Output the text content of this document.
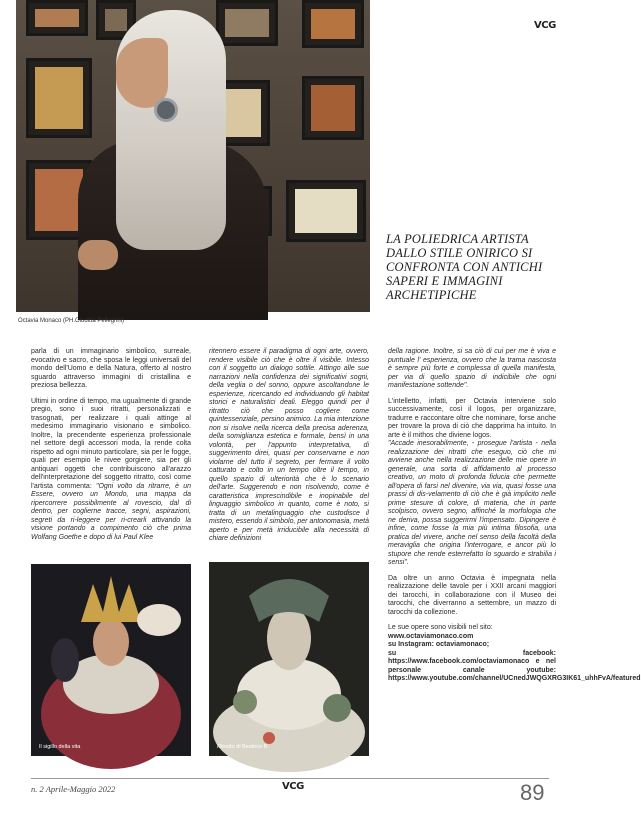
VCG
Octavia Monaco (PH.Giuditta Pellegrini)
LA POLIEDRICA ARTISTA DALLO STILE ONIRICO SI CONFRONTA CON ANTICHI SAPERI E IMMAGINI ARCHETIPICHE

parla di un immaginario simbolico, surreale, evocativo e sacro, che sposa le leggi universali del mondo dell'Uomo e della Natura, offerto al nostro sguardo attraverso immagini di cristallina e preziosa bellezza.

Ultimi in ordine di tempo, ma ugualmente di grande pregio, sono i suoi ritratti, personalizzati e trasognati, per realizzare i quali attinge al medesimo immaginario visionario e simbolico. Inoltre, la precendente esperienza professionale nel settore degli accessori moda, la rende colta rispetto ad ogni minuto particolare, sia per le fogge, quali per esempio le nivee gorgiere, sia per gli antiquari oggetti che contribuiscono all'arazzo dell'interpretazione del soggetto ritratto, così come l'artista commenta: "Ogni volto da ritrarre, è un Essere, ovvero un Mondo, una mappa da ripercorrere possibilmente al rovescio, dal di dentro, per coglierne tracce, segni, aspirazioni, segreti da ri-leggere per ri-crearli attivando la visione portando a compimento ciò che prima Wolfang Goethe e dopo di lui Paul Klee

ritennero essere il paradigma di ogni arte, ovvero, rendere visibile ciò che è oltre il visibile. Intesso con il soggetto un dialogo sottile. Attingo alle sue narrazioni nella confidenza dei significativi sogni, della veglia o del sonno, oppure ascoltandone le esperienze, ricercando ed individuando gli habitat storici e naturalistici deali. Eleggo quindi per il ritratto ciò che posso cogliere come quintessenziale, persino animico. La mia intenzione non si risolve nella ricerca della precisa aderenza, della somiglianza estetica e formale, bensì in una volontà, per l'appunto interpretativa, di suggerimento direi, quasi per conservarne e non violarne del tutto il segreto, per fermare il volto catturato e colto in un tempo oltre il tempo, in quello spazio di ulteriorità che è lo scenario dell'arte. Suggerendo e non risolvendo, come è caratteristica imprescindibile e inopinabile del linguaggio simbolico in quanto, come è noto, si tratta di un metalinguaggio che custodisce il mistero, essendo il simbolo, per antonomasia, metà aperto e per metà irriducibile alla necessità di chiare definizioni

della ragione. Inoltre, si sa ciò di cui per me è viva e puntuale l' esperienza, ovvero che la trama nascosta è sempre più forte e complessa di quella manifesta, per via di quello spazio di indicibile che ogni manifestazione sottende".

L'intelletto, infatti, per Octavia interviene solo successivamente, così il logos, per organizzare, tradurre e raccontare oltre che nominare, forse anche per trovare la prova di ciò che dapprima ha intuito. In arte è il mithos che diviene logos.
"Accade inesorabilmente, - prosegue l'artista - nella realizzazione dei ritratti che eseguo, ciò che mi avviene anche nella realizzazione delle mie opere in generale, una sorta di affidamento al processo creativo, un moto di profonda fiducia che permette all'opera di farsi nel divenire, via via, quasi fosse una prassi di dis-velamento di ciò che è già implicito nelle prime stesure di colore, di materia, che in parte scolpisco, ovvero segno, affinché la morfologia che ne deriva, possa suggerirmi l'impensato. Dipingere è infine, come fosse la mia più intima filosofia, una pratica del vivere, anche nel senso della facoltà della meraviglia che origina l'interrogare, e ancor più lo stupore che rende esterrefatto lo sguardo e strabilia i sensi".

Da oltre un anno Octavia è impegnata nella realizzazione delle tavole per i XXII arcani maggiori dei tarocchi, in collaborazione con il Museo dei tarocchi, che diverranno a settembre, un mazzo di tarocchi da collezione.

Le sue opere sono visibili nel sito:
www.octaviamonaco.com
su Instagram: octaviamonaco;
su facebook: https://www.facebook.com/octaviamonaco e nel personale canale youtube: https://www.youtube.com/channel/UCnedJWQGXRG3IK61_uhhFvA/featured

Il sigillo della vita	Ritratto di Beatrice B.
n. 2 Aprile-Maggio 2022	VCG	89
